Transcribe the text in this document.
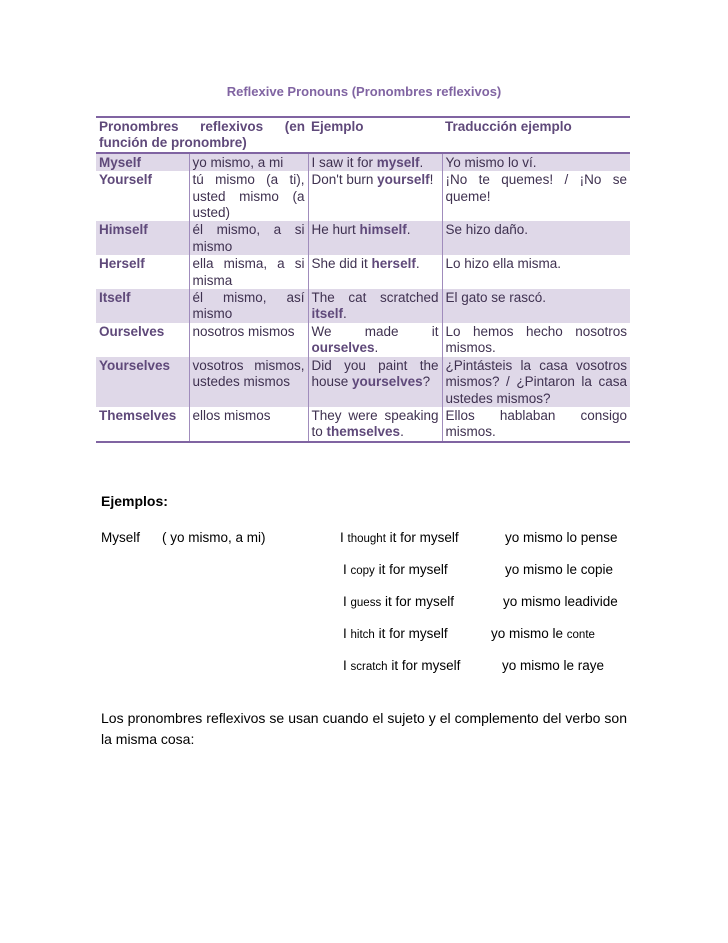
Reflexive Pronouns (Pronombres reflexivos)
Pronombres reflexivos (en función de pronombre)		Ejemplo	Traducción ejemplo
Myself	yo mismo, a mi	I saw it for myself.	Yo mismo lo ví.
Yourself	tú mismo (a ti), usted mismo (a usted)	Don't burn yourself!	¡No te quemes! / ¡No se queme!
Himself	él mismo, a si mismo	He hurt himself.	Se hizo daño.
Herself	ella misma, a si misma	She did it herself.	Lo hizo ella misma.
Itself	él mismo, así mismo	The cat scratched itself.	El gato se rascó.
Ourselves	nosotros mismos	We made it ourselves.	Lo hemos hecho nosotros mismos.
Yourselves	vosotros mismos, ustedes mismos	Did you paint the house yourselves?	¿Pintásteis la casa vosotros mismos? / ¿Pintaron la casa ustedes mismos?
Themselves	ellos mismos	They were speaking to themselves.	Ellos hablaban consigo mismos.
Ejemplos:
Myself ( yo mismo, a mi)	I thought it for myself	yo mismo lo pense
I copy it for myself	yo mismo le copie
I guess it for myself	yo mismo leadivide
I hitch it for myself	yo mismo le conte
I scratch it for myself	yo mismo le raye
Los pronombres reflexivos se usan cuando el sujeto y el complemento del verbo son la misma cosa:
